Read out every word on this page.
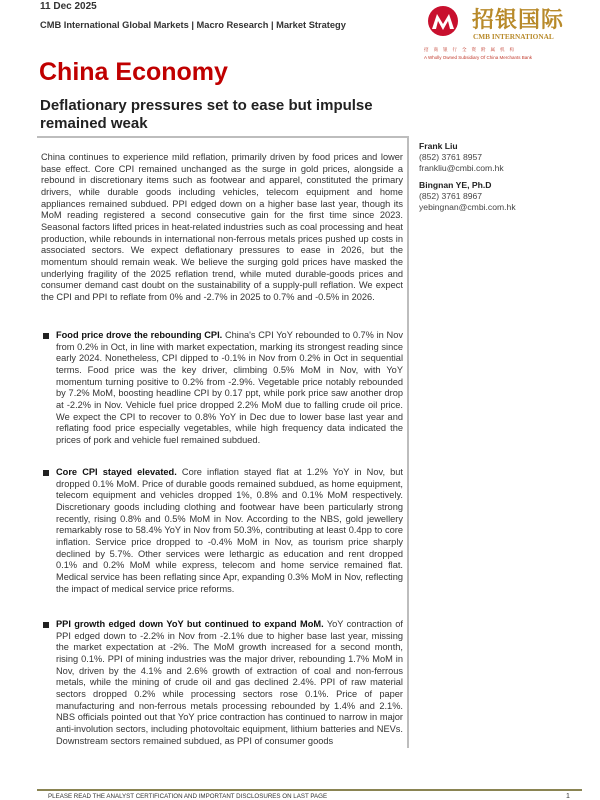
11 Dec 2025
CMB International Global Markets | Macro Research | Market Strategy	招银国际
CMB INTERNATIONAL
招商银行全资附属机构
A Wholly Owned Subsidiary Of China Merchants Bank
China Economy
Deflationary pressures set to ease but impulse remained weak
China continues to experience mild reflation, primarily driven by food prices and lower base effect. Core CPI remained unchanged as the surge in gold prices, alongside a rebound in discretionary items such as footwear and apparel, constituted the primary drivers, while durable goods including vehicles, telecom equipment and home appliances remained subdued. PPI edged down on a higher base last year, though its MoM reading registered a second consecutive gain for the first time since 2023. Seasonal factors lifted prices in heat-related industries such as coal processing and heat production, while rebounds in international non-ferrous metals prices pushed up costs in associated sectors. We expect deflationary pressures to ease in 2026, but the momentum should remain weak. We believe the surging gold prices have masked the underlying fragility of the 2025 reflation trend, while muted durable-goods prices and consumer demand cast doubt on the sustainability of a supply-pull reflation. We expect the CPI and PPI to reflate from 0% and -2.7% in 2025 to 0.7% and -0.5% in 2026.
Food price drove the rebounding CPI. China's CPI YoY rebounded to 0.7% in Nov from 0.2% in Oct, in line with market expectation, marking its strongest reading since early 2024. Nonetheless, CPI dipped to -0.1% in Nov from 0.2% in Oct in sequential terms. Food price was the key driver, climbing 0.5% MoM in Nov, with YoY momentum turning positive to 0.2% from -2.9%. Vegetable price notably rebounded by 7.2% MoM, boosting headline CPI by 0.17 ppt, while pork price saw another drop at -2.2% in Nov. Vehicle fuel price dropped 2.2% MoM due to falling crude oil price. We expect the CPI to recover to 0.8% YoY in Dec due to lower base last year and reflating food price especially vegetables, while high frequency data indicated the prices of pork and vehicle fuel remained subdued.
Core CPI stayed elevated. Core inflation stayed flat at 1.2% YoY in Nov, but dropped 0.1% MoM. Price of durable goods remained subdued, as home equipment, telecom equipment and vehicles dropped 1%, 0.8% and 0.1% MoM respectively. Discretionary goods including clothing and footwear have been particularly strong recently, rising 0.8% and 0.5% MoM in Nov. According to the NBS, gold jewellery remarkably rose to 58.4% YoY in Nov from 50.3%, contributing at least 0.4pp to core inflation. Service price dropped to -0.4% MoM in Nov, as tourism price sharply declined by 5.7%. Other services were lethargic as education and rent dropped 0.1% and 0.2% MoM while express, telecom and home service remained flat. Medical service has been reflating since Apr, expanding 0.3% MoM in Nov, reflecting the impact of medical service price reforms.
PPI growth edged down YoY but continued to expand MoM. YoY contraction of PPI edged down to -2.2% in Nov from -2.1% due to higher base last year, missing the market expectation at -2%. The MoM growth increased for a second month, rising 0.1%. PPI of mining industries was the major driver, rebounding 1.7% MoM in Nov, driven by the 4.1% and 2.6% growth of extraction of coal and non-ferrous metals, while the mining of crude oil and gas declined 2.4%. PPI of raw material sectors dropped 0.2% while processing sectors rose 0.1%. Price of paper manufacturing and non-ferrous metals processing rebounded by 1.4% and 2.1%. NBS officials pointed out that YoY price contraction has continued to narrow in major anti-involution sectors, including photovoltaic equipment, lithium batteries and NEVs. Downstream sectors remained subdued, as PPI of consumer goods
Frank Liu
(852) 3761 8957
frankliu@cmbi.com.hk
Bingnan YE, Ph.D
(852) 3761 8967
yebingnan@cmbi.com.hk
PLEASE READ THE ANALYST CERTIFICATION AND IMPORTANT DISCLOSURES ON LAST PAGE	1
